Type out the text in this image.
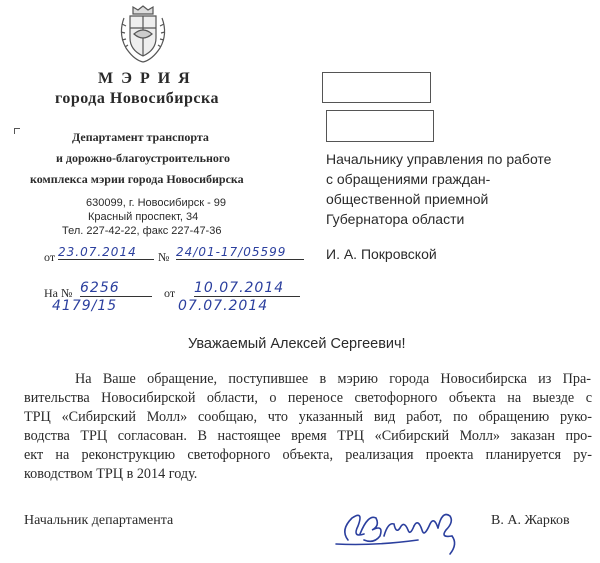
М Э Р И Я
города Новосибирска
Департамент транспорта
и дорожно-благоустроительного
комплекса мэрии города Новосибирска
630099, г. Новосибирск - 99
Красный проспект, 34
Тел. 227-42-22, факс 227-47-36
от 23.07.2014	№ 24/01-17/05599
На № 6256	от 10.07.2014
4179/15	07.07.2014
Начальнику управления по работе
с обращениями граждан-
общественной приемной
Губернатора области
И. А. Покровской
Уважаемый Алексей Сергеевич!
На Ваше обращение, поступившее в мэрию города Новосибирска из Пра-
вительства Новосибирской области, о переносе светофорного объекта на выезде с
ТРЦ «Сибирский Молл» сообщаю, что указанный вид работ, по обращению руко-
водства ТРЦ согласован. В настоящее время ТРЦ «Сибирский Молл» заказан про-
ект на реконструкцию светофорного объекта, реализация проекта планируется ру-
ководством ТРЦ в 2014 году.
Начальник департамента	В. А. Жарков
